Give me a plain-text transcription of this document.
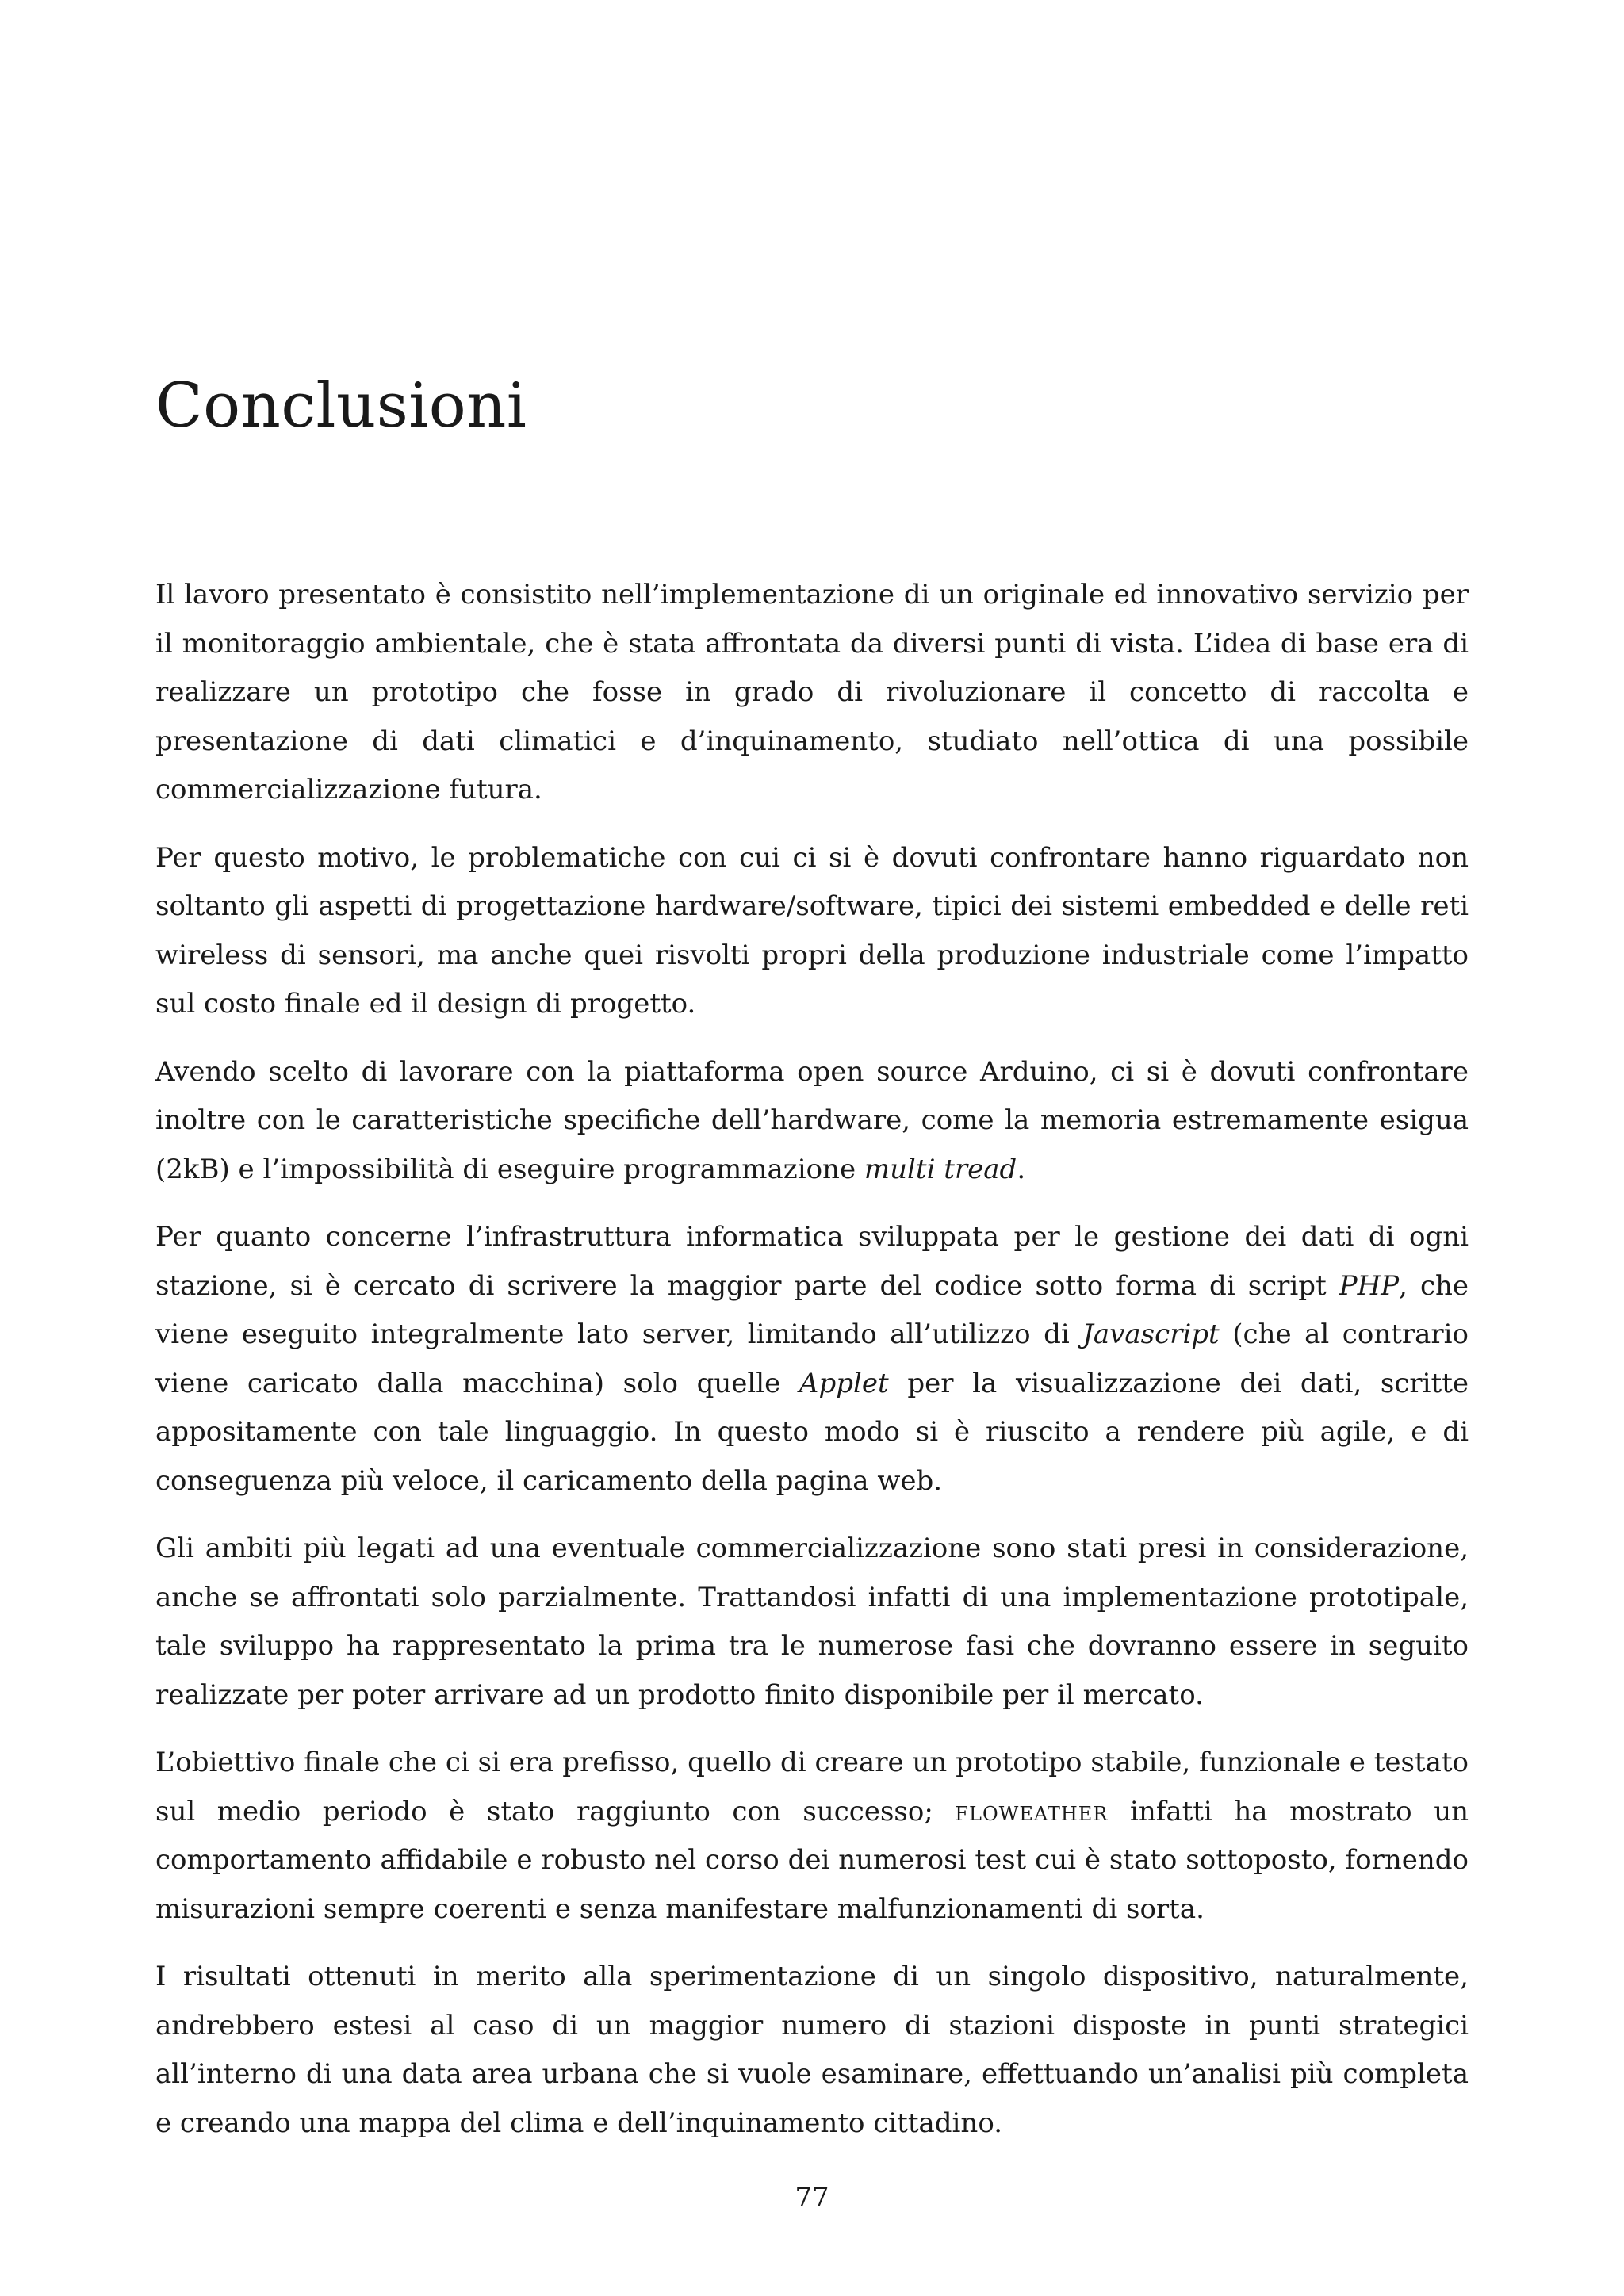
Conclusioni

Il lavoro presentato è consistito nell’implementazione di un originale ed innovativo servizio per il monitoraggio ambientale, che è stata affrontata da diversi punti di vista. L’idea di base era di realizzare un prototipo che fosse in grado di rivoluzionare il concetto di raccolta e presentazione di dati climatici e d’inquinamento, studiato nell’ottica di una possibile commercializzazione futura.

Per questo motivo, le problematiche con cui ci si è dovuti confrontare hanno riguardato non soltanto gli aspetti di progettazione hardware/software, tipici dei sistemi embedded e delle reti wireless di sensori, ma anche quei risvolti propri della produzione industriale come l’impatto sul costo finale ed il design di progetto.

Avendo scelto di lavorare con la piattaforma open source Arduino, ci si è dovuti confrontare inoltre con le caratteristiche specifiche dell’hardware, come la memoria estremamente esigua (2kB) e l’impossibilità di eseguire programmazione multi tread.

Per quanto concerne l’infrastruttura informatica sviluppata per le gestione dei dati di ogni stazione, si è cercato di scrivere la maggior parte del codice sotto forma di script PHP, che viene eseguito integralmente lato server, limitando all’utilizzo di Javascript (che al contrario viene caricato dalla macchina) solo quelle Applet per la visualizzazione dei dati, scritte appositamente con tale linguaggio. In questo modo si è riuscito a rendere più agile, e di conseguenza più veloce, il caricamento della pagina web.

Gli ambiti più legati ad una eventuale commercializzazione sono stati presi in considerazione, anche se affrontati solo parzialmente. Trattandosi infatti di una implementazione prototipale, tale sviluppo ha rappresentato la prima tra le numerose fasi che dovranno essere in seguito realizzate per poter arrivare ad un prodotto finito disponibile per il mercato.

L’obiettivo finale che ci si era prefisso, quello di creare un prototipo stabile, funzionale e testato sul medio periodo è stato raggiunto con successo; floweather infatti ha mostrato un comportamento affidabile e robusto nel corso dei numerosi test cui è stato sottoposto, fornendo misurazioni sempre coerenti e senza manifestare malfunzionamenti di sorta.

I risultati ottenuti in merito alla sperimentazione di un singolo dispositivo, naturalmente, andrebbero estesi al caso di un maggior numero di stazioni disposte in punti strategici all’interno di una data area urbana che si vuole esaminare, effettuando un’analisi più completa e creando una mappa del clima e dell’inquinamento cittadino.

77
